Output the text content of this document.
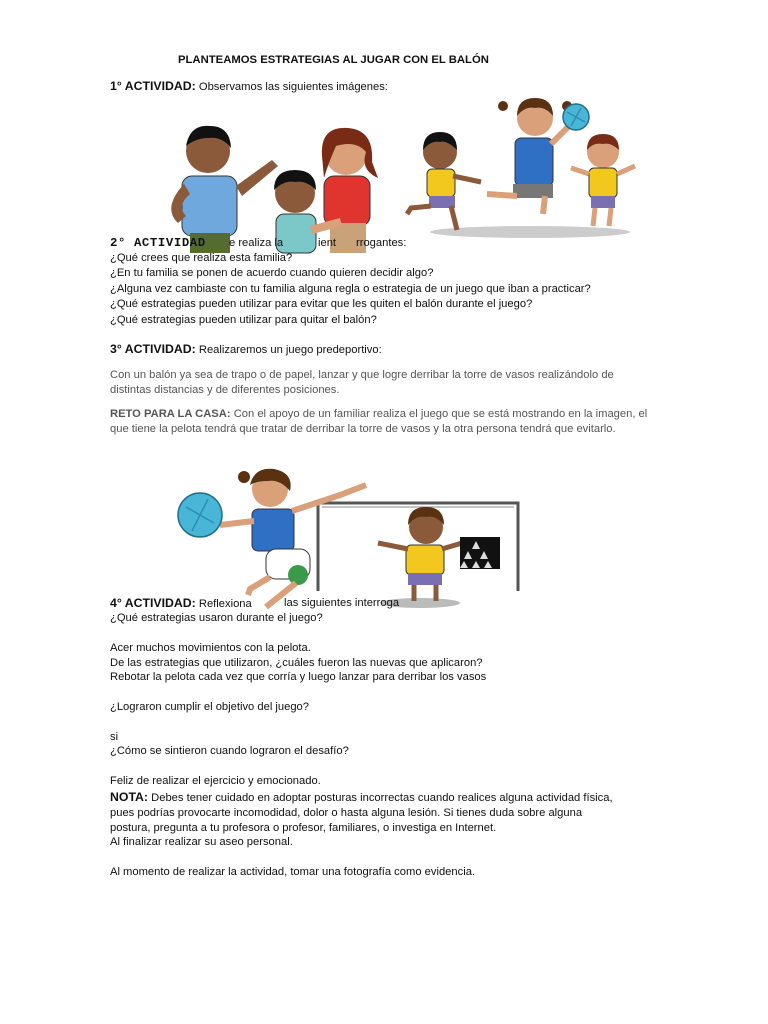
PLANTEAMOS ESTRATEGIAS AL JUGAR CON EL BALÓN
1° ACTIVIDAD: Observamos las siguientes imágenes:
2° ACTIVIDAD e realiza la	ient rrogantes:
¿Qué crees que realiza esta familia?
¿En tu familia se ponen de acuerdo cuando quieren decidir algo?
¿Alguna vez cambiaste con tu familia alguna regla o estrategia de un juego que iban a practicar?
¿Qué estrategias pueden utilizar para evitar que les quiten el balón durante el juego?
¿Qué estrategias pueden utilizar para quitar el balón?
3° ACTIVIDAD: Realizaremos un juego predeportivo:
Con un balón ya sea de trapo o de papel, lanzar y que logre derribar la torre de vasos realizándolo de
distintas distancias y de diferentes posiciones.
RETO PARA LA CASA: Con el apoyo de un familiar realiza el juego que se está mostrando en la imagen, el
que tiene la pelota tendrá que tratar de derribar la torre de vasos y la otra persona tendrá que evitarlo.
4° ACTIVIDAD: Reflexiona	las siguientes interroga
¿Qué estrategias usaron durante el juego?
Acer muchos movimientos con la pelota.
De las estrategias que utilizaron, ¿cuáles fueron las nuevas que aplicaron?
Rebotar la pelota cada vez que corría y luego lanzar para derribar los vasos
¿Lograron cumplir el objetivo del juego?
si
¿Cómo se sintieron cuando lograron el desafío?
Feliz de realizar el ejercicio y emocionado.
NOTA: Debes tener cuidado en adoptar posturas incorrectas cuando realices alguna actividad física,
pues podrías provocarte incomodidad, dolor o hasta alguna lesión. Si tienes duda sobre alguna
postura, pregunta a tu profesora o profesor, familiares, o investiga en Internet.
Al finalizar realizar su aseo personal.
Al momento de realizar la actividad, tomar una fotografía como evidencia.
